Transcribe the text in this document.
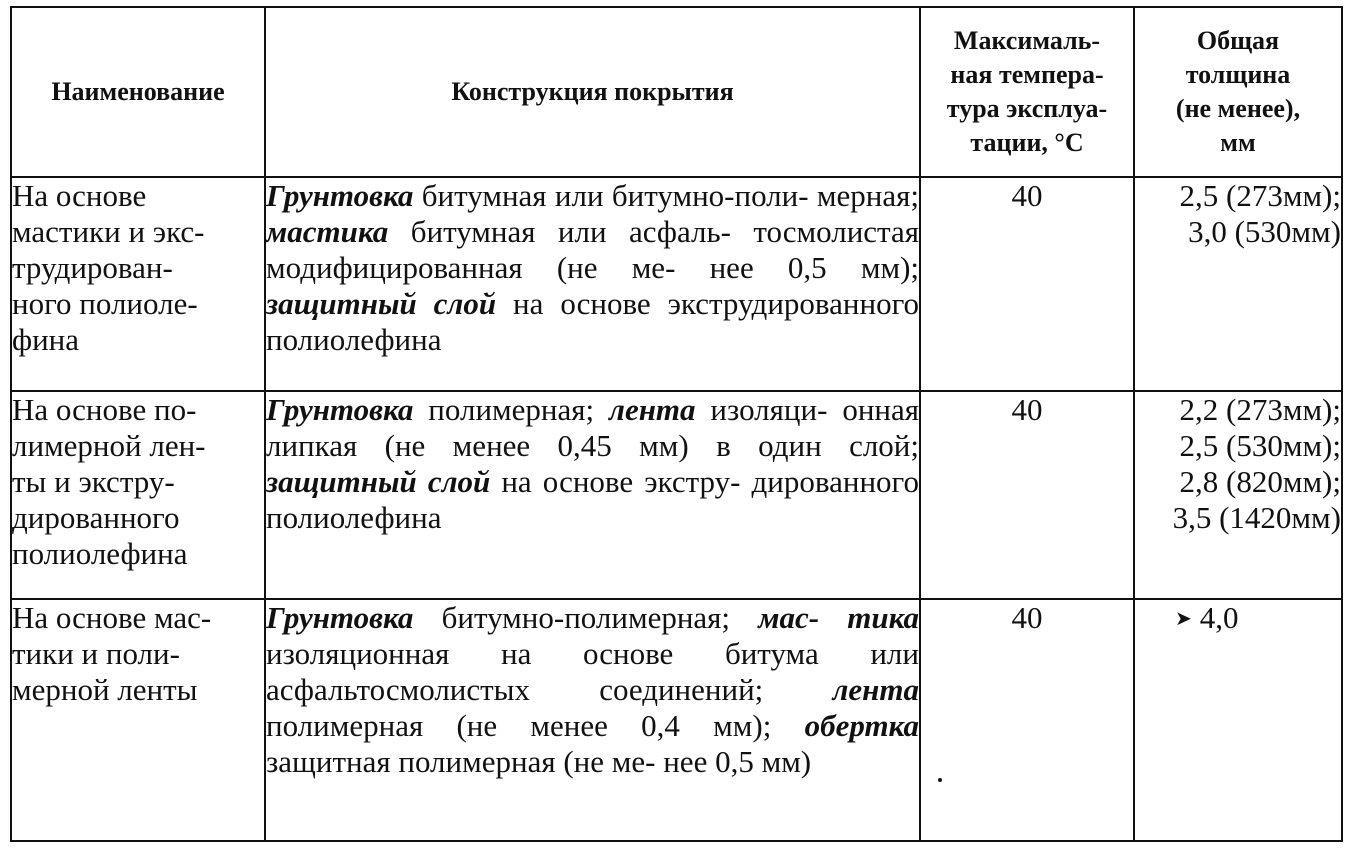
Наименование	Конструкция покрытия	Максималь-
ная темпера-
тура эксплуа-
тации, °С	Общая
толщина
(не менее),
мм

На основе
мастики и экс-
трудирован-
ного полиоле-
фина	Грунтовка битумная или битумно-поли- мерная; мастика битумная или асфаль- тосмолистая модифицированная (не ме- нее 0,5 мм); защитный слой на основе экструдированного полиолефина	40	2,5 (273мм);
3,0 (530мм)

На основе по-
лимерной лен-
ты и экстру-
дированного
полиолефина	Грунтовка полимерная; лента изоляци- онная липкая (не менее 0,45 мм) в один слой; защитный слой на основе экстру- дированного полиолефина	40	2,2 (273мм);
2,5 (530мм);
2,8 (820мм);
3,5 (1420мм)

На основе мас-
тики и поли-
мерной ленты	Грунтовка битумно-полимерная; мас- тика изоляционная на основе битума или асфальтосмолистых соединений; лента полимерная (не менее 0,4 мм); обертка защитная полимерная (не ме- нее 0,5 мм)	40	➤ 4,0
